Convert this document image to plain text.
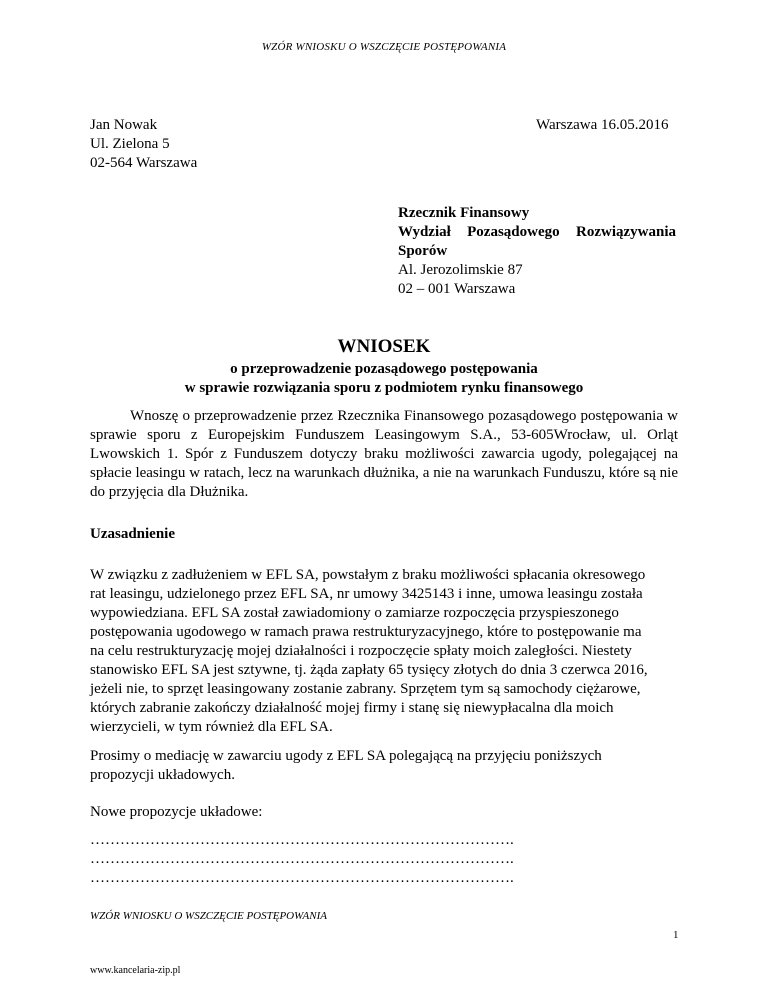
WZÓR WNIOSKU O WSZCZĘCIE POSTĘPOWANIA
Jan Nowak
Ul. Zielona 5
02-564 Warszawa
Warszawa 16.05.2016
Rzecznik Finansowy
Wydział Pozasądowego Rozwiązywania
Sporów
Al. Jerozolimskie 87
02 – 001 Warszawa
WNIOSEK
o przeprowadzenie pozasądowego postępowania
w sprawie rozwiązania sporu z podmiotem rynku finansowego
Wnoszę o przeprowadzenie przez Rzecznika Finansowego pozasądowego postępowania w sprawie sporu z Europejskim Funduszem Leasingowym S.A., 53-605Wrocław, ul. Orląt Lwowskich 1. Spór z Funduszem dotyczy braku możliwości zawarcia ugody, polegającej na spłacie leasingu w ratach, lecz na warunkach dłużnika, a nie na warunkach Funduszu, które są nie do przyjęcia dla Dłużnika.
Uzasadnienie
W związku z zadłużeniem w EFL SA, powstałym z braku możliwości spłacania okresowego
rat leasingu, udzielonego przez EFL SA, nr umowy 3425143 i inne, umowa leasingu została
wypowiedziana. EFL SA został zawiadomiony o zamiarze rozpoczęcia przyspieszonego
postępowania ugodowego w ramach prawa restrukturyzacyjnego, które to postępowanie ma
na celu restrukturyzację mojej działalności i rozpoczęcie spłaty moich zaległości. Niestety
stanowisko EFL SA jest sztywne, tj. żąda zapłaty 65 tysięcy złotych do dnia 3 czerwca 2016,
jeżeli nie, to sprzęt leasingowany zostanie zabrany. Sprzętem tym są samochody ciężarowe,
których zabranie zakończy działalność mojej firmy i stanę się niewypłacalna dla moich
wierzycieli, w tym również dla EFL SA.
Prosimy o mediację w zawarciu ugody z EFL SA polegającą na przyjęciu poniższych
propozycji układowych.
Nowe propozycje układowe:
………………………………………………………………………….
………………………………………………………………………….
………………………………………………………………………….
WZÓR WNIOSKU O WSZCZĘCIE POSTĘPOWANIA
1
www.kancelaria-zip.pl
